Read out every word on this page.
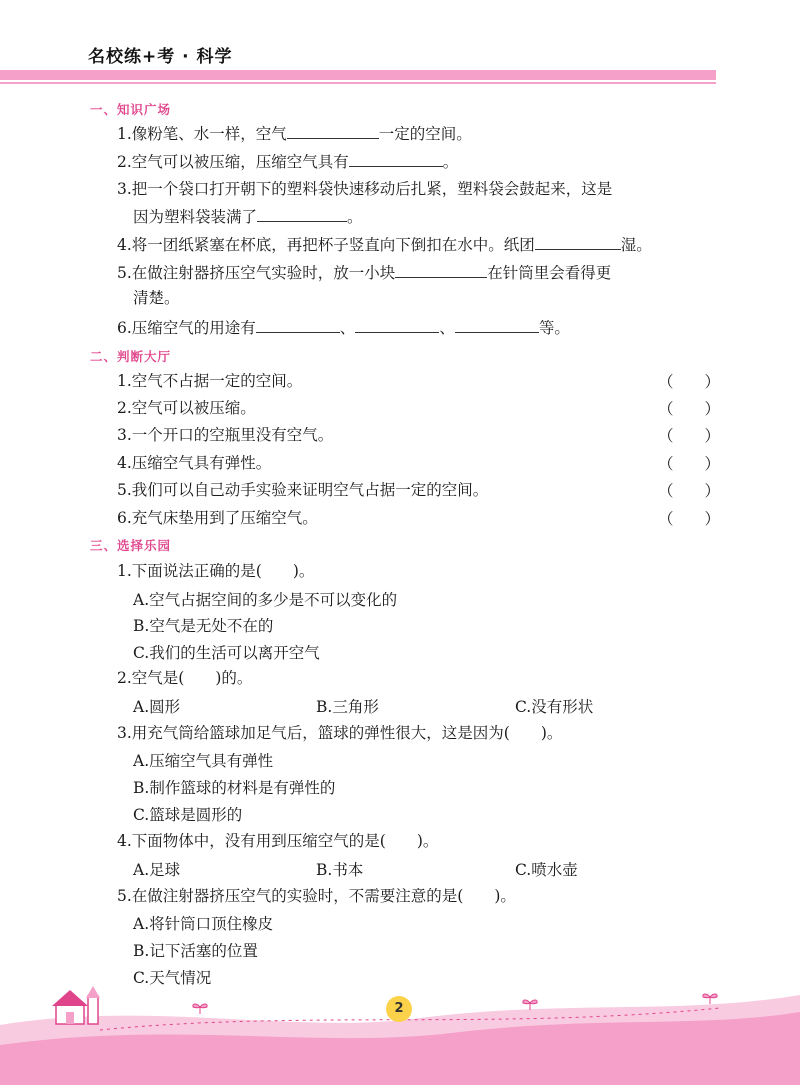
名校练+考 · 科学
一、知识广场
1.像粉笔、水一样，空气	一定的空间。
2.空气可以被压缩，压缩空气具有	。
3.把一个袋口打开朝下的塑料袋快速移动后扎紧，塑料袋会鼓起来，这是
因为塑料袋装满了	。
4.将一团纸紧塞在杯底，再把杯子竖直向下倒扣在水中。纸团	湿。
5.在做注射器挤压空气实验时，放一小块	在针筒里会看得更
清楚。
6.压缩空气的用途有	、	、	等。
二、判断大厅
1.空气不占据一定的空间。	（　　）
2.空气可以被压缩。	（　　）
3.一个开口的空瓶里没有空气。	（　　）
4.压缩空气具有弹性。	（　　）
5.我们可以自己动手实验来证明空气占据一定的空间。	（　　）
6.充气床垫用到了压缩空气。	（　　）
三、选择乐园
1.下面说法正确的是(　　)。
A.空气占据空间的多少是不可以变化的
B.空气是无处不在的
C.我们的生活可以离开空气
2.空气是(　　)的。
A.圆形	B.三角形	C.没有形状
3.用充气筒给篮球加足气后，篮球的弹性很大，这是因为(　　)。
A.压缩空气具有弹性
B.制作篮球的材料是有弹性的
C.篮球是圆形的
4.下面物体中，没有用到压缩空气的是(　　)。
A.足球	B.书本	C.喷水壶
5.在做注射器挤压空气的实验时，不需要注意的是(　　)。
A.将针筒口顶住橡皮
B.记下活塞的位置
C.天气情况
2
